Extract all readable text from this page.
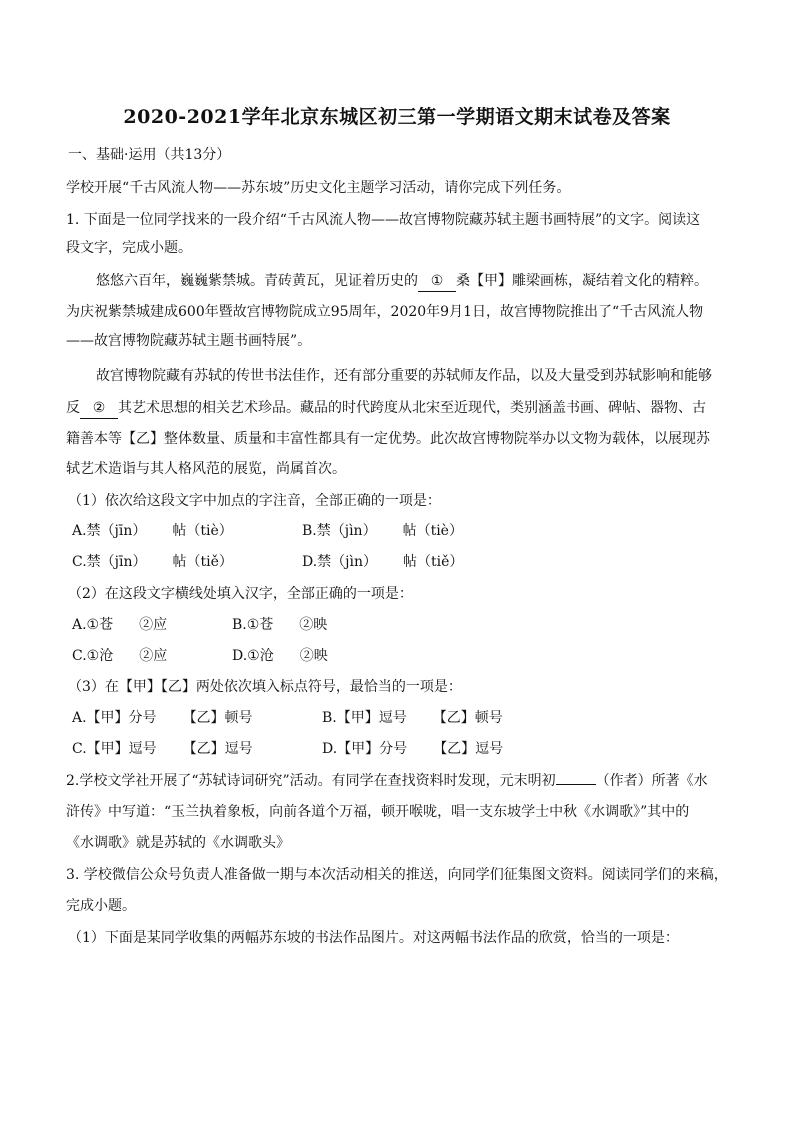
2020-2021学年北京东城区初三第一学期语文期末试卷及答案
一、基础·运用（共13分）
学校开展“千古风流人物——苏东坡”历史文化主题学习活动，请你完成下列任务。
1. 下面是一位同学找来的一段介绍“千古风流人物——故宫博物院藏苏轼主题书画特展”的文字。阅读这
段文字，完成小题。
悠悠六百年，巍巍紫禁城。青砖黄瓦，见证着历史的 ① 桑【甲】雕梁画栋，凝结着文化的精粹。
为庆祝紫禁城建成600年暨故宫博物院成立95周年，2020年9月1日，故宫博物院推出了“千古风流人物
——故宫博物院藏苏轼主题书画特展”。
故宫博物院藏有苏轼的传世书法佳作，还有部分重要的苏轼师友作品，以及大量受到苏轼影响和能够
反 ② 其艺术思想的相关艺术珍品。藏品的时代跨度从北宋至近现代，类别涵盖书画、碑帖、器物、古
籍善本等【乙】整体数量、质量和丰富性都具有一定优势。此次故宫博物院举办以文物为载体，以展现苏
轼艺术造诣与其人格风范的展览，尚属首次。
（1）依次给这段文字中加点的字注音，全部正确的一项是：
A.禁（jīn） 帖（tiè）	B.禁（jìn） 帖（tiè）
C.禁（jīn） 帖（tiě）	D.禁（jìn） 帖（tiě）
（2）在这段文字横线处填入汉字，全部正确的一项是：
A.①苍 ②应	B.①苍 ②映
C.①沧 ②应	D.①沧 ②映
（3）在【甲】【乙】两处依次填入标点符号，最恰当的一项是：
A.【甲】分号 【乙】顿号	B.【甲】逗号 【乙】顿号
C.【甲】逗号 【乙】逗号	D.【甲】分号 【乙】逗号
2.学校文学社开展了“苏轼诗词研究”活动。有同学在查找资料时发现，元末明初	（作者）所著《水
浒传》中写道：“玉兰执着象板，向前各道个万福，顿开喉咙，唱一支东坡学士中秋《水调歌》”其中的
《水调歌》就是苏轼的《水调歌头》
3. 学校微信公众号负责人准备做一期与本次活动相关的推送，向同学们征集图文资料。阅读同学们的来稿，
完成小题。
（1）下面是某同学收集的两幅苏东坡的书法作品图片。对这两幅书法作品的欣赏，恰当的一项是：
